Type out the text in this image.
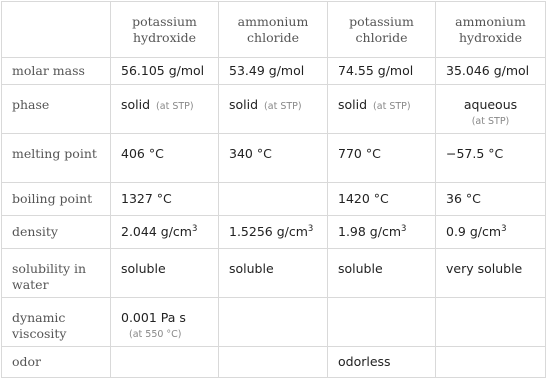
	potassium hydroxide	ammonium chloride	potassium chloride	ammonium hydroxide
molar mass	56.105 g/mol	53.49 g/mol	74.55 g/mol	35.046 g/mol
phase	solid (at STP)	solid (at STP)	solid (at STP)	aqueous
(at STP)

melting point	406 °C	340 °C	770 °C	−57.5 °C
boiling point	1327 °C		1420 °C	36 °C
density	2.044 $g/cm^3$	1.5256 $g/cm^3$	1.98 $g/cm^3$	0.9 $g/cm^3$
solubility in water	soluble	soluble	soluble	very soluble
dynamic viscosity	0.001 Pa s
(at 550 °C)			

odor			odorless	
